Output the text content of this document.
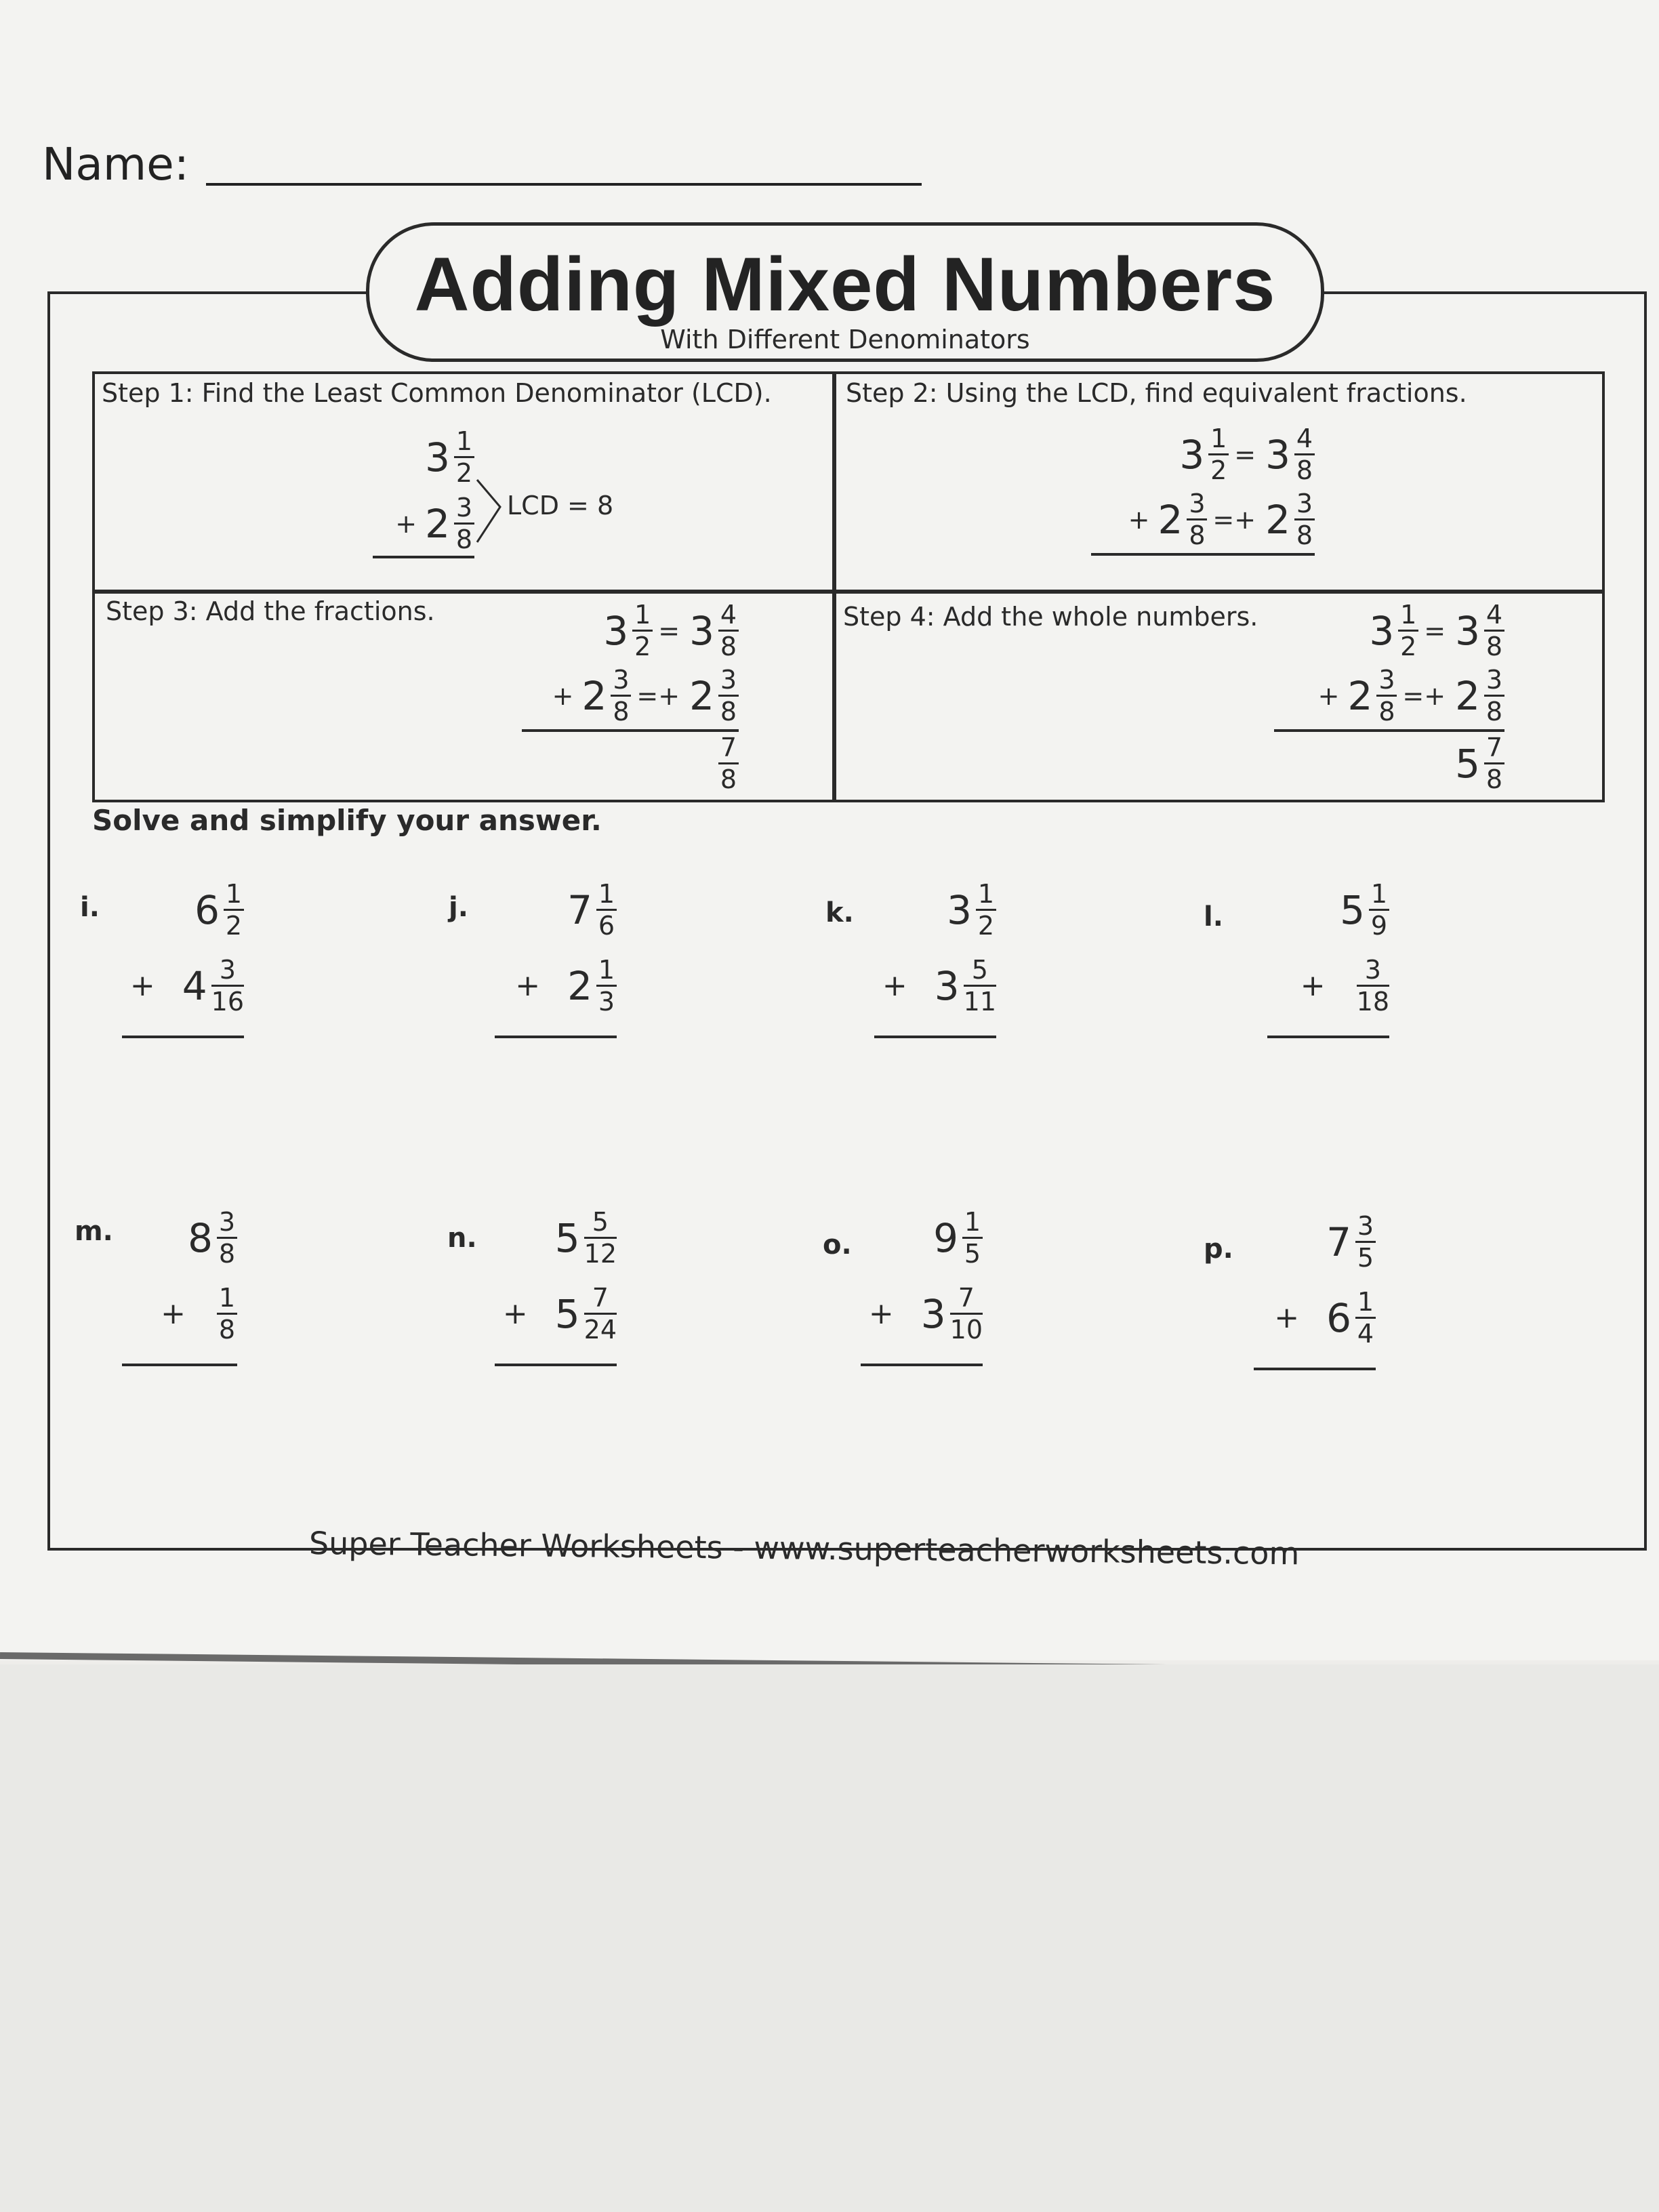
Name:
Adding Mixed Numbers
With Different Denominators
Step 1: Find the Least Common Denominator (LCD).	Step 2: Using the LCD, find equivalent fractions.
Step 3: Add the fractions.	Step 4: Add the whole numbers.
$3 \frac{1}{2}$
+ $2 \frac{3}{8}$ LCD = 8
$3 \frac{1}{2} = 3 \frac{4}{8}$
+ $2 \frac{3}{8} =+ 2 \frac{3}{8}$
$3 \frac{1}{2} = 3 \frac{4}{8}$
+ $2 \frac{3}{8} =+ 2 \frac{3}{8}$
$\frac{7}{8}$
$3 \frac{1}{2} = 3 \frac{4}{8}$
+ $2 \frac{3}{8} =+ 2 \frac{3}{8}$
$5 \frac{7}{8}$
Solve and simplify your answer.
i. $6 \frac{1}{2}$
+ $4 \frac{3}{16}$
j.	$7 \frac{1}{6}$
+ $2 \frac{1}{3}$
k. $3 \frac{1}{2}$
+ $3 \frac{5}{11}$
l.	$5 \frac{1}{9}$
+ $\frac{3}{18}$
m. $8 \frac{3}{8}$
+ $\frac{1}{8}$
n. $5 \frac{5}{12}$
+ $5 \frac{7}{24}$
o. $9 \frac{1}{5}$
+ $3 \frac{7}{10}$
p. $7 \frac{3}{5}$
+ $6 \frac{1}{4}$
Super Teacher Worksheets - www.superteacherworksheets.com
